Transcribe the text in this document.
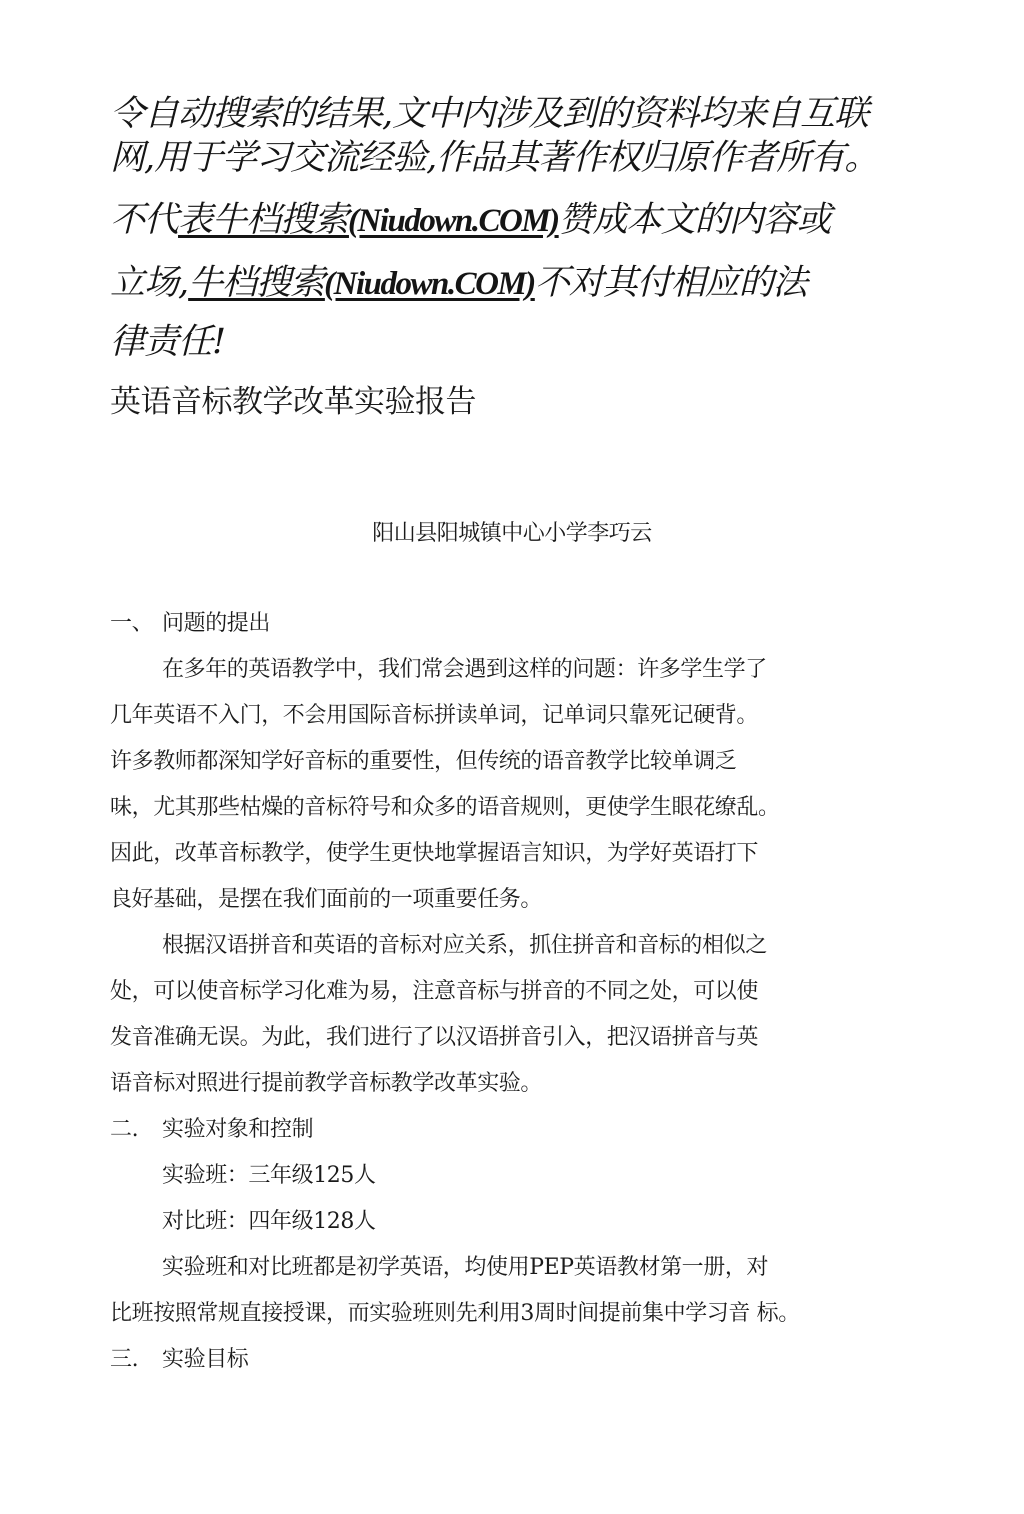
令自动搜索的结果,文中内涉及到的资料均来自互联
网,用于学习交流经验,作品其著作权归原作者所有。
不代表牛档搜索(Niudown.COM)赞成本文的内容或
立场,牛档搜索(Niudown.COM)不对其付相应的法
律责任!
英语音标教学改革实验报告
阳山县阳城镇中心小学李巧云
一、 问题的提出
在多年的英语教学中，我们常会遇到这样的问题：许多学生学了
几年英语不入门，不会用国际音标拼读单词，记单词只靠死记硬背。
许多教师都深知学好音标的重要性，但传统的语音教学比较单调乏
味，尤其那些枯燥的音标符号和众多的语音规则，更使学生眼花缭乱。
因此，改革音标教学，使学生更快地掌握语言知识，为学好英语打下
良好基础，是摆在我们面前的一项重要任务。
根据汉语拼音和英语的音标对应关系，抓住拼音和音标的相似之
处，可以使音标学习化难为易，注意音标与拼音的不同之处，可以使
发音准确无误。为此，我们进行了以汉语拼音引入，把汉语拼音与英
语音标对照进行提前教学音标教学改革实验。
二. 实验对象和控制
实验班：三年级125人
对比班：四年级128人
实验班和对比班都是初学英语，均使用PEP英语教材第一册，对
比班按照常规直接授课，而实验班则先利用3周时间提前集中学习音 标。
三. 实验目标
